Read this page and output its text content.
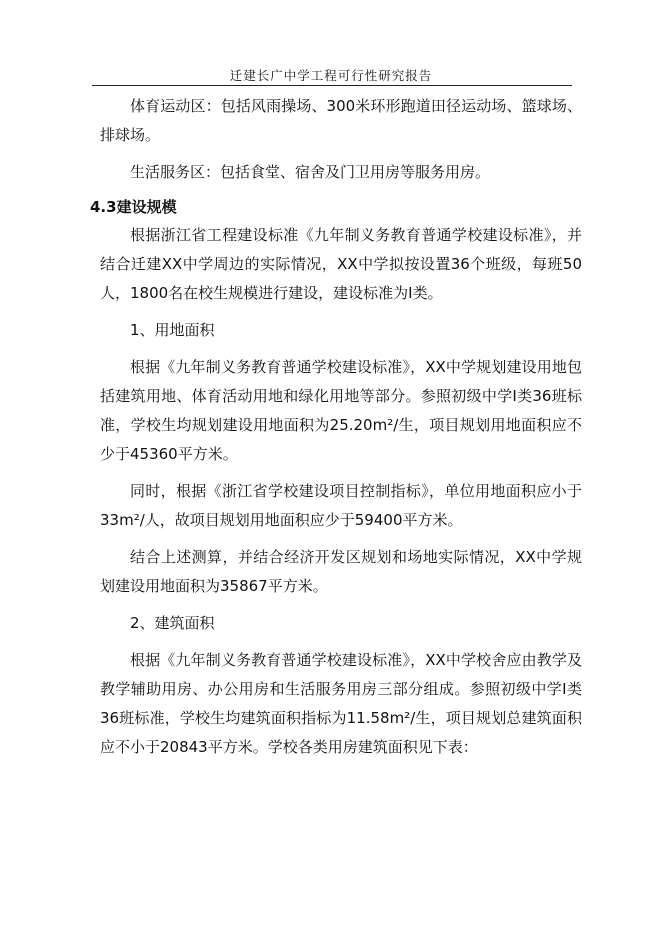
迁建长广中学工程可行性研究报告

体育运动区：包括风雨操场、300米环形跑道田径运动场、篮球场、排球场。

生活服务区：包括食堂、宿舍及门卫用房等服务用房。

4.3建设规模

根据浙江省工程建设标准《九年制义务教育普通学校建设标准》，并结合迁建XX中学周边的实际情况，XX中学拟按设置36个班级，每班50人，1800名在校生规模进行建设，建设标准为Ⅰ类。

1、用地面积

根据《九年制义务教育普通学校建设标准》，XX中学规划建设用地包括建筑用地、体育活动用地和绿化用地等部分。参照初级中学Ⅰ类36班标准，学校生均规划建设用地面积为25.20m²/生，项目规划用地面积应不少于45360平方米。

同时，根据《浙江省学校建设项目控制指标》，单位用地面积应小于33m²/人，故项目规划用地面积应少于59400平方米。

结合上述测算，并结合经济开发区规划和场地实际情况，XX中学规划建设用地面积为35867平方米。

2、建筑面积

根据《九年制义务教育普通学校建设标准》，XX中学校舍应由教学及教学辅助用房、办公用房和生活服务用房三部分组成。参照初级中学Ⅰ类36班标准，学校生均建筑面积指标为11.58m²/生，项目规划总建筑面积应不小于20843平方米。学校各类用房建筑面积见下表：
